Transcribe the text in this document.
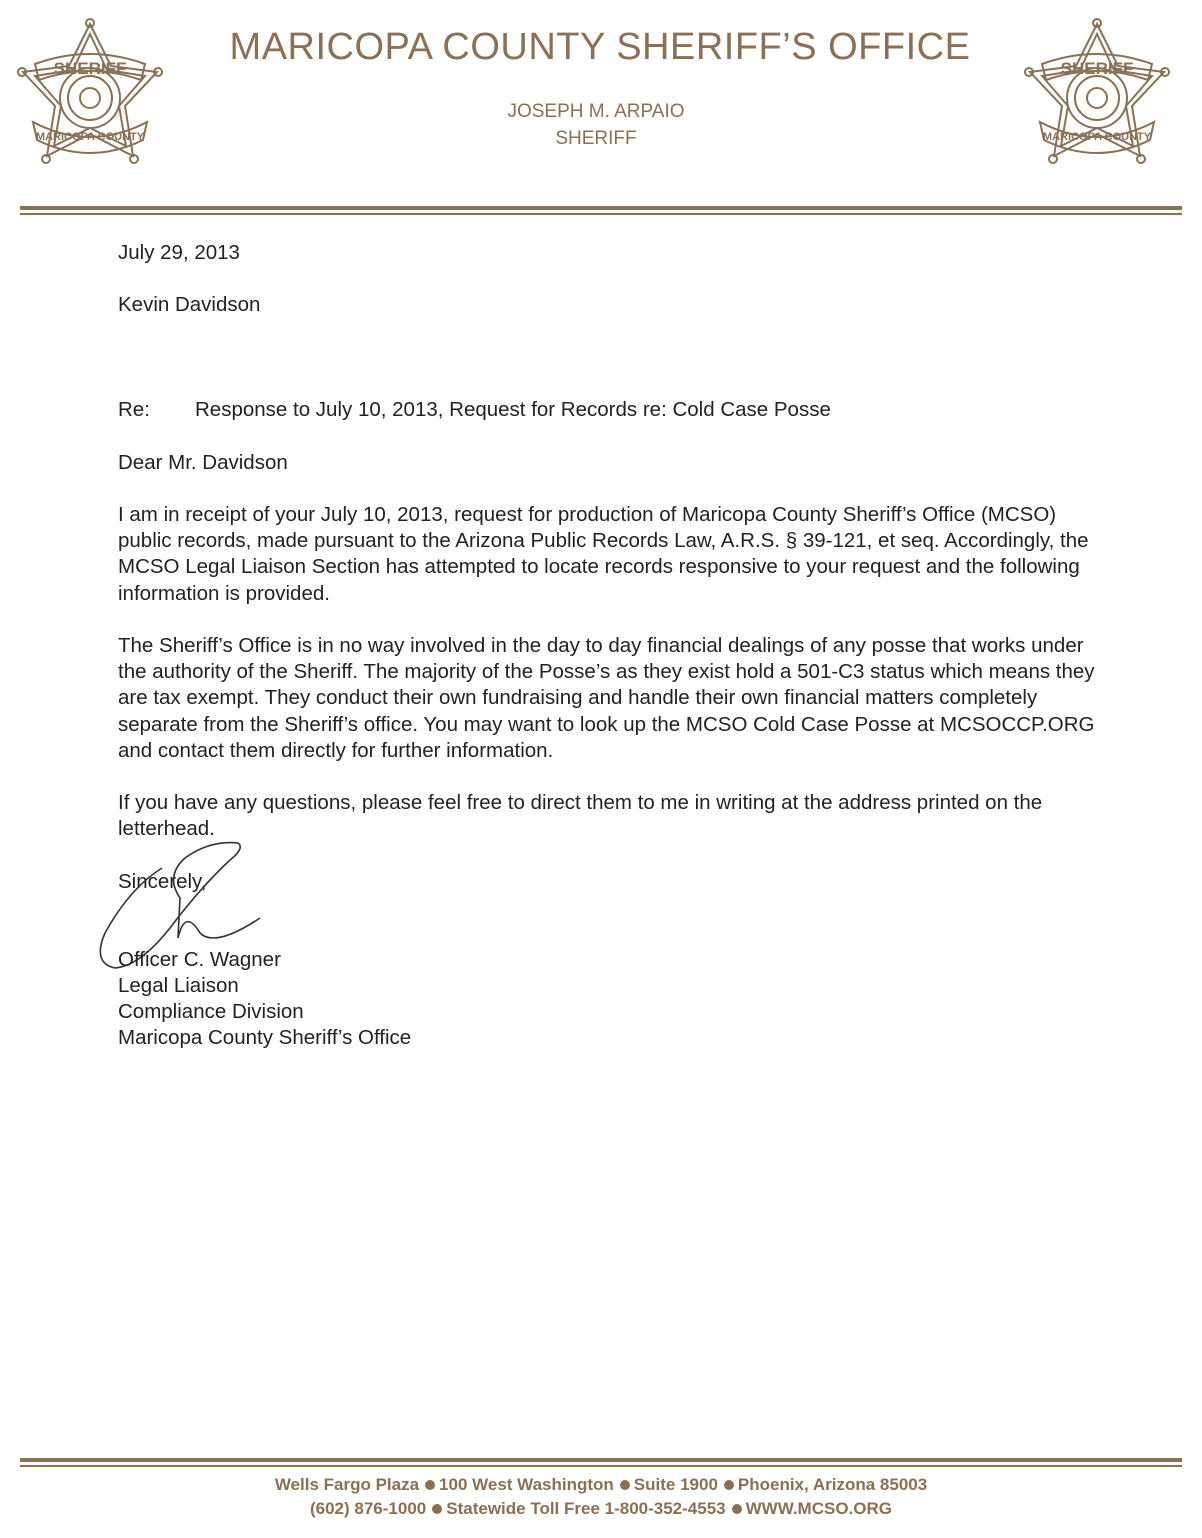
SHERIFF
MARICOPA COUNTY
SHERIFF
MARICOPA COUNTY
MARICOPA COUNTY SHERIFF’S OFFICE
JOSEPH M. ARPAIO
SHERIFF
July 29, 2013
Kevin Davidson
Re: Response to July 10, 2013, Request for Records re: Cold Case Posse
Dear Mr. Davidson
I am in receipt of your July 10, 2013, request for production of Maricopa County Sheriff’s Office (MCSO) public records, made pursuant to the Arizona Public Records Law, A.R.S. § 39-121, et seq. Accordingly, the MCSO Legal Liaison Section has attempted to locate records responsive to your request and the following information is provided.
The Sheriff’s Office is in no way involved in the day to day financial dealings of any posse that works under the authority of the Sheriff. The majority of the Posse’s as they exist hold a 501-C3 status which means they are tax exempt. They conduct their own fundraising and handle their own financial matters completely separate from the Sheriff’s office. You may want to look up the MCSO Cold Case Posse at MCSOCCP.ORG and contact them directly for further information.
If you have any questions, please feel free to direct them to me in writing at the address printed on the letterhead.
Sincerely,
Officer C. Wagner
Legal Liaison
Compliance Division
Maricopa County Sheriff’s Office
Wells Fargo Plaza 100 West Washington Suite 1900 Phoenix, Arizona 85003
(602) 876-1000 Statewide Toll Free 1-800-352-4553 WWW.MCSO.ORG
